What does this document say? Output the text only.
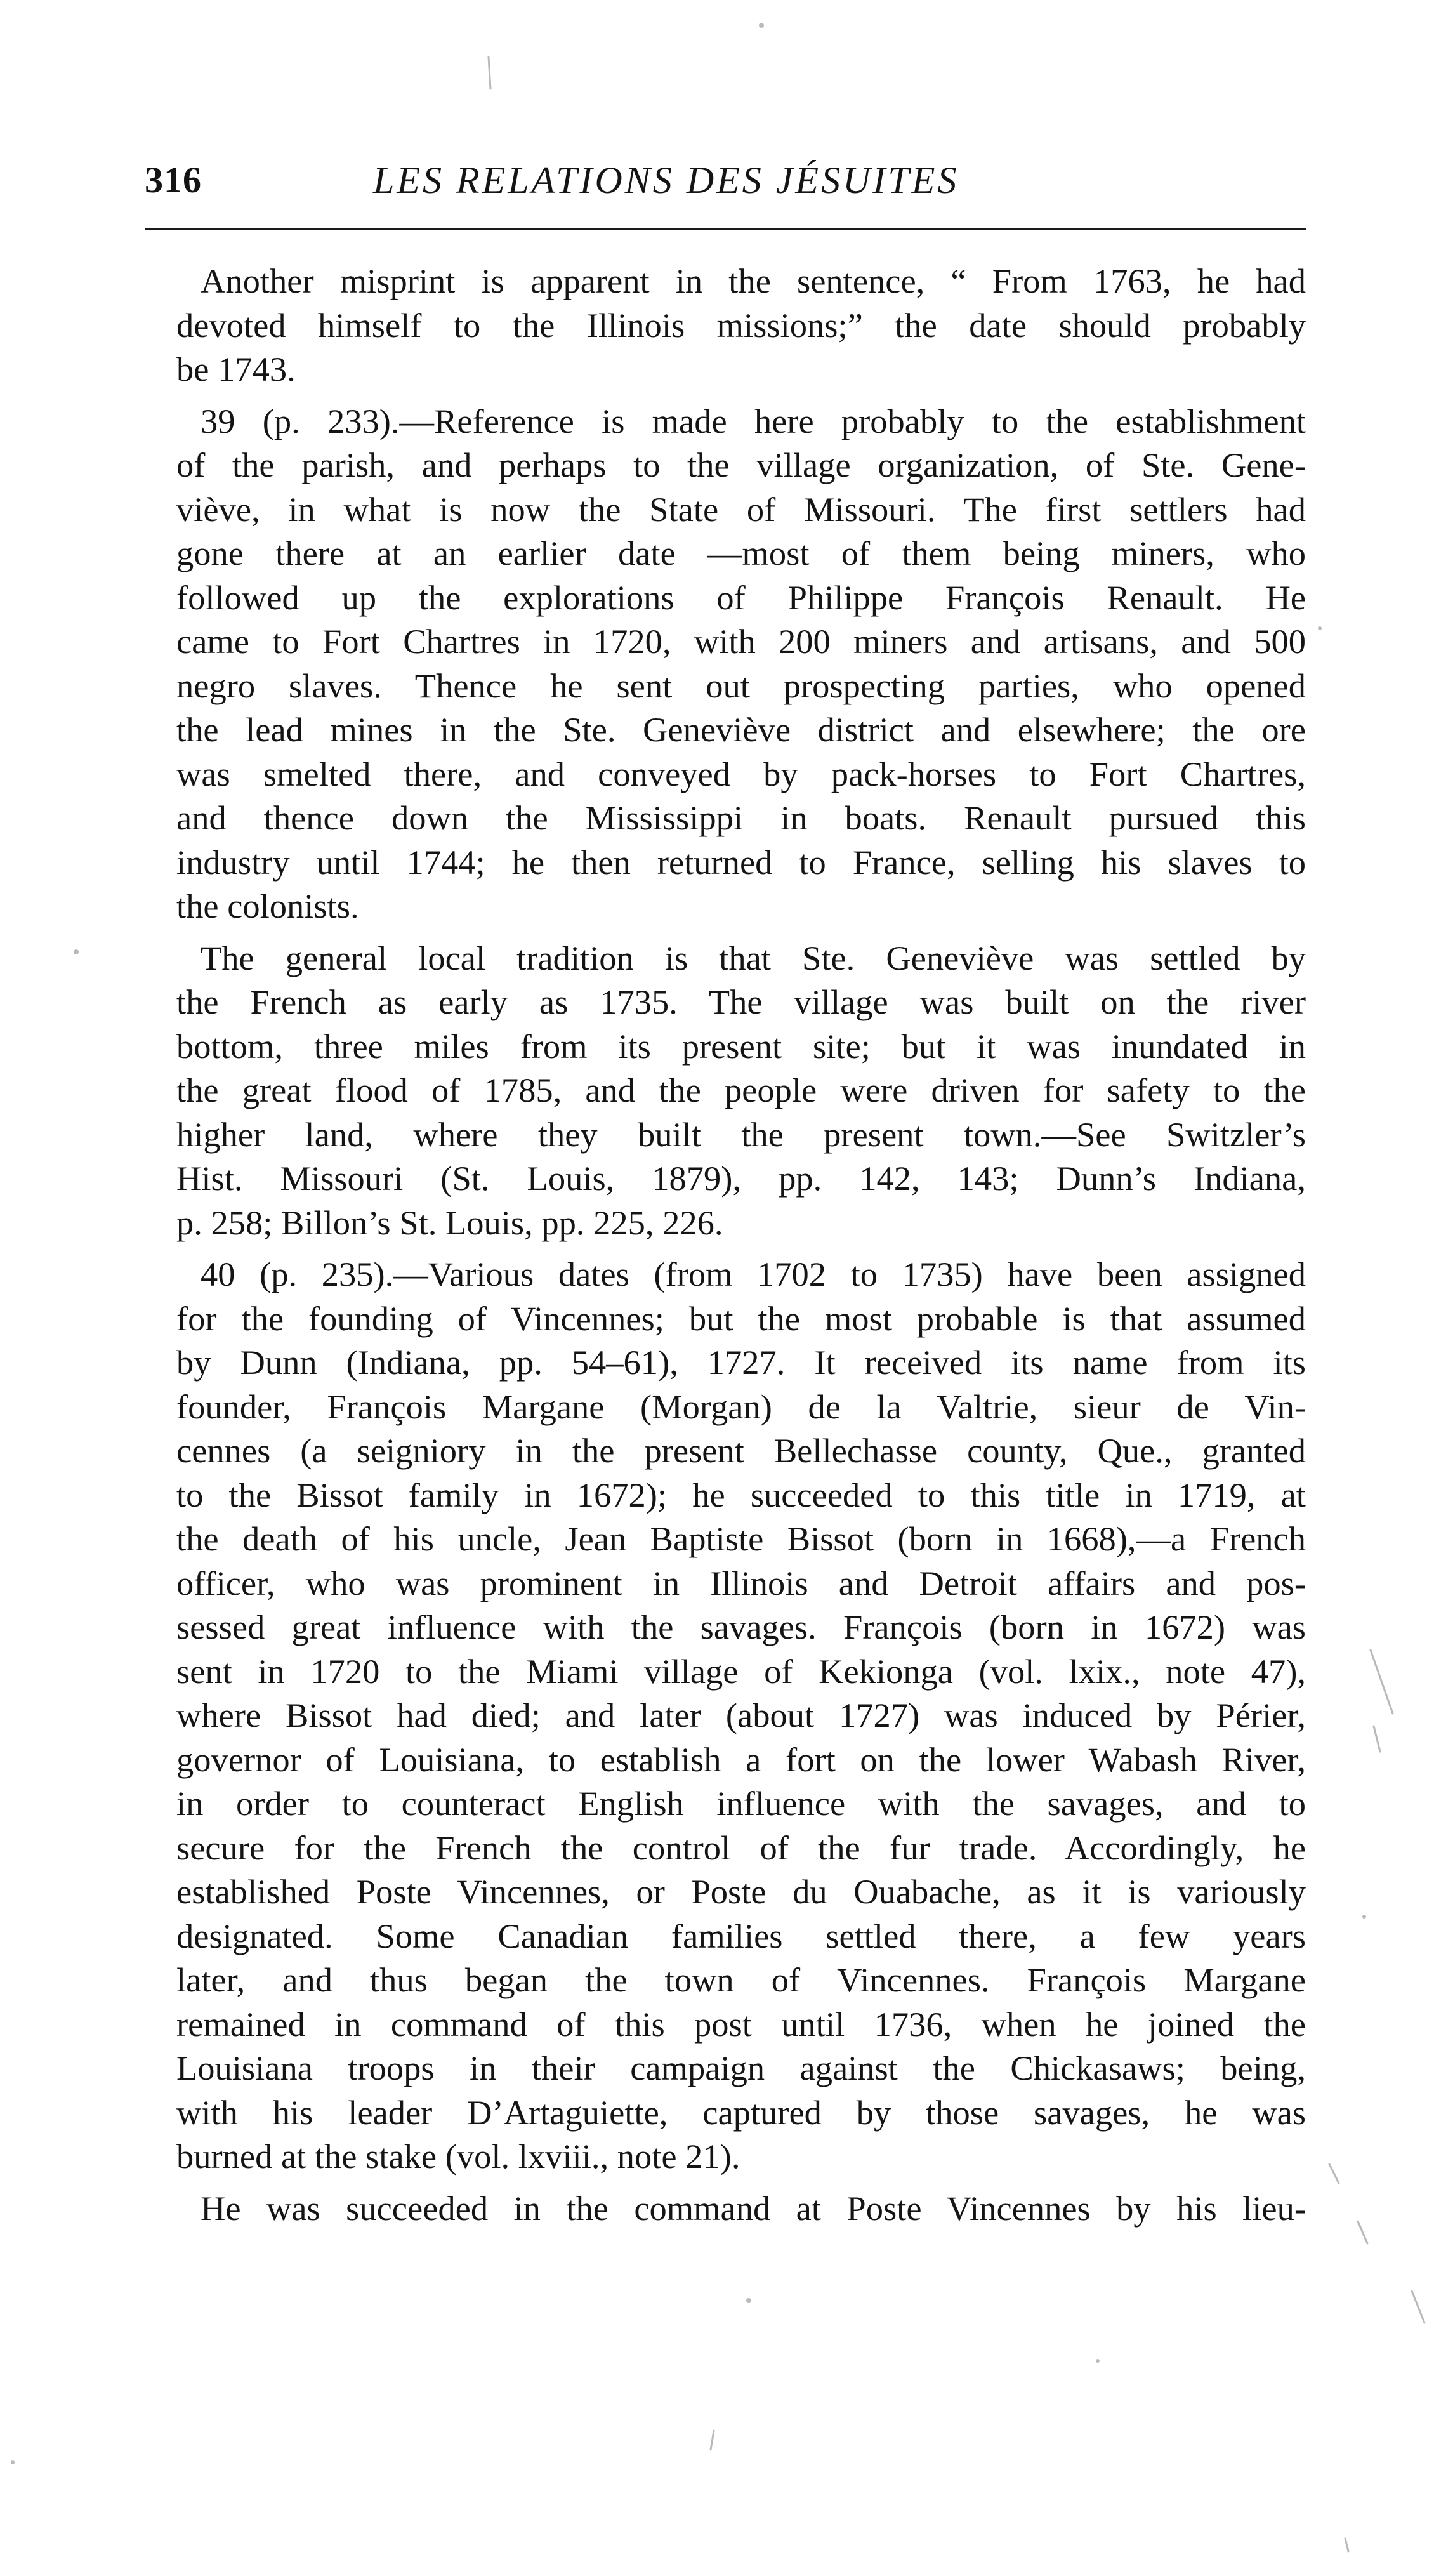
316	LES RELATIONS DES JÉSUITES
Another misprint is apparent in the sentence, “ From 1763, he had
devoted himself to the Illinois missions;” the date should probably
be 1743.
39 (p. 233).—Reference is made here probably to the establishment
of the parish, and perhaps to the village organization, of Ste. Gene-
viève, in what is now the State of Missouri. The first settlers had
gone there at an earlier date —most of them being miners, who
followed up the explorations of Philippe François Renault. He
came to Fort Chartres in 1720, with 200 miners and artisans, and 500
negro slaves. Thence he sent out prospecting parties, who opened
the lead mines in the Ste. Geneviève district and elsewhere; the ore
was smelted there, and conveyed by pack-horses to Fort Chartres,
and thence down the Mississippi in boats. Renault pursued this
industry until 1744; he then returned to France, selling his slaves to
the colonists.
The general local tradition is that Ste. Geneviève was settled by
the French as early as 1735. The village was built on the river
bottom, three miles from its present site; but it was inundated in
the great flood of 1785, and the people were driven for safety to the
higher land, where they built the present town.—See Switzler’s
Hist. Missouri (St. Louis, 1879), pp. 142, 143; Dunn’s Indiana,
p. 258; Billon’s St. Louis, pp. 225, 226.
40 (p. 235).—Various dates (from 1702 to 1735) have been assigned
for the founding of Vincennes; but the most probable is that assumed
by Dunn (Indiana, pp. 54–61), 1727. It received its name from its
founder, François Margane (Morgan) de la Valtrie, sieur de Vin-
cennes (a seigniory in the present Bellechasse county, Que., granted
to the Bissot family in 1672); he succeeded to this title in 1719, at
the death of his uncle, Jean Baptiste Bissot (born in 1668),—a French
officer, who was prominent in Illinois and Detroit affairs and pos-
sessed great influence with the savages. François (born in 1672) was
sent in 1720 to the Miami village of Kekionga (vol. lxix., note 47),
where Bissot had died; and later (about 1727) was induced by Périer,
governor of Louisiana, to establish a fort on the lower Wabash River,
in order to counteract English influence with the savages, and to
secure for the French the control of the fur trade. Accordingly, he
established Poste Vincennes, or Poste du Ouabache, as it is variously
designated. Some Canadian families settled there, a few years
later, and thus began the town of Vincennes. François Margane
remained in command of this post until 1736, when he joined the
Louisiana troops in their campaign against the Chickasaws; being,
with his leader D’Artaguiette, captured by those savages, he was
burned at the stake (vol. lxviii., note 21).
He was succeeded in the command at Poste Vincennes by his lieu-
